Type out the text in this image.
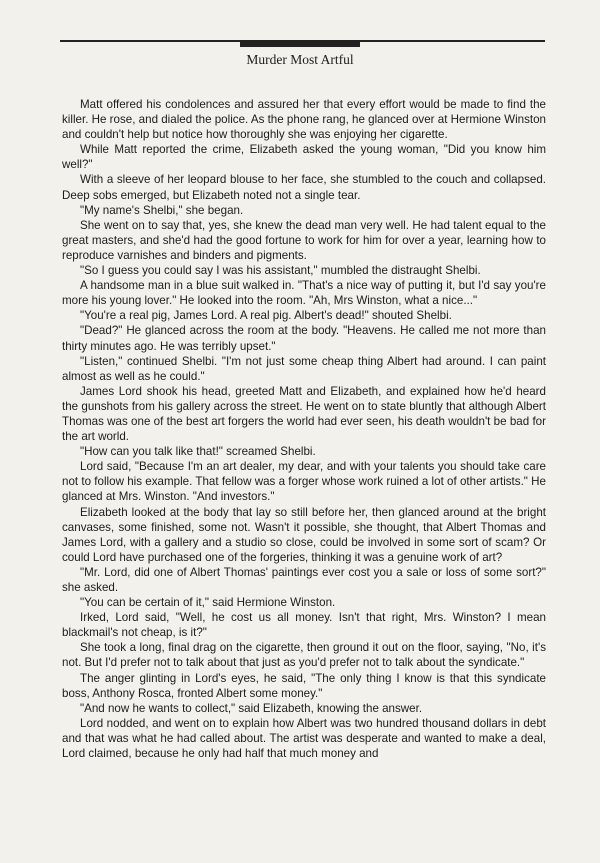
Murder Most Artful

Matt offered his condolences and assured her that every effort would be made to find the killer. He rose, and dialed the police. As the phone rang, he glanced over at Hermione Winston and couldn't help but notice how thoroughly she was enjoying her cigarette.

While Matt reported the crime, Elizabeth asked the young woman, "Did you know him well?"

With a sleeve of her leopard blouse to her face, she stumbled to the couch and collapsed. Deep sobs emerged, but Elizabeth noted not a single tear.

"My name's Shelbi," she began.

She went on to say that, yes, she knew the dead man very well. He had talent equal to the great masters, and she'd had the good fortune to work for him for over a year, learning how to reproduce varnishes and binders and pigments.

"So I guess you could say I was his assistant," mumbled the distraught Shelbi.

A handsome man in a blue suit walked in. "That's a nice way of putting it, but I'd say you're more his young lover." He looked into the room. "Ah, Mrs Winston, what a nice..."

"You're a real pig, James Lord. A real pig. Albert's dead!" shouted Shelbi.

"Dead?" He glanced across the room at the body. "Heavens. He called me not more than thirty minutes ago. He was terribly upset."

"Listen," continued Shelbi. "I'm not just some cheap thing Albert had around. I can paint almost as well as he could."

James Lord shook his head, greeted Matt and Elizabeth, and explained how he'd heard the gunshots from his gallery across the street. He went on to state bluntly that although Albert Thomas was one of the best art forgers the world had ever seen, his death wouldn't be bad for the art world.

"How can you talk like that!" screamed Shelbi.

Lord said, "Because I'm an art dealer, my dear, and with your talents you should take care not to follow his example. That fellow was a forger whose work ruined a lot of other artists." He glanced at Mrs. Winston. "And investors."

Elizabeth looked at the body that lay so still before her, then glanced around at the bright canvases, some finished, some not. Wasn't it possible, she thought, that Albert Thomas and James Lord, with a gallery and a studio so close, could be involved in some sort of scam? Or could Lord have purchased one of the forgeries, thinking it was a genuine work of art?

"Mr. Lord, did one of Albert Thomas' paintings ever cost you a sale or loss of some sort?" she asked.

"You can be certain of it," said Hermione Winston.

Irked, Lord said, "Well, he cost us all money. Isn't that right, Mrs. Winston? I mean blackmail's not cheap, is it?"

She took a long, final drag on the cigarette, then ground it out on the floor, saying, "No, it's not. But I'd prefer not to talk about that just as you'd prefer not to talk about the syndicate."

The anger glinting in Lord's eyes, he said, "The only thing I know is that this syndicate boss, Anthony Rosca, fronted Albert some money."

"And now he wants to collect," said Elizabeth, knowing the answer.

Lord nodded, and went on to explain how Albert was two hundred thousand dollars in debt and that was what he had called about. The artist was desperate and wanted to make a deal, Lord claimed, because he only had half that much money and
